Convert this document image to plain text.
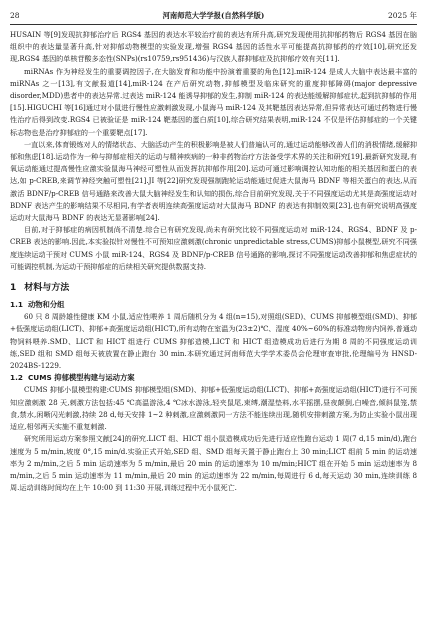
28	河南师范大学学报(自然科学版)	2025 年

HUSAIN 等[9]发现抗抑郁治疗后 RGS4 基因的表达水平较治疗前的表达有所升高,研究发现使用抗抑郁药物后 RGS4 基因在脑组织中的表达量显著升高,针对抑郁动物模型的实验发现,增强 RGS4 基因的活性水平可能提高抗抑郁药的疗效[10],研究还发现,RGS4 基因的单核苷酸多态性(SNPs)(rs10759,rs951436)与汉族人群抑郁症及抗抑郁疗效有关[11].

miRNAs 作为神经发生的重要调控因子,在大脑发育和功能中扮演着重要的角色[12].miR-124 是成人大脑中表达最丰富的 miRNAs 之一[13],有文献报道[14],miR-124 在产后研究动物,抑郁模型及临床研究的重度抑郁障碍(major depressive disorder,MDD)患者中的表达异常.过表达 miR-124 能诱导抑郁的发生,抑制 miR-124 的表达能缓解抑郁症状,起到抗抑郁的作用[15].HIGUCHI 等[16]通过对小鼠进行慢性应激刺激发现,小鼠海马 miR-124 及其靶基因表达异常,但异常表达可通过药物进行慢性治疗后得到改变.RGS4 已被验证是 miR-124 靶基因的蛋白质[10],综合研究结果表明,miR-124 不仅是评估抑郁症的一个关键标志物也是治疗抑郁症的一个重要靶点[17].

一直以来,体育锻炼对人的情绪状态、大脑活动产生的积极影响是被人们普遍认可的,通过运动能够改善人们的消极情绪,缓解抑郁和焦虑[18].运动作为一种与抑郁症相关的运动与精神疾病的一种非药物治疗方法备受学术界的关注和研究[19].最新研究发现,有氧运动能通过提高慢性应激实验鼠海马神经可塑性从而发挥抗抑郁作用[20].运动可通过影响调控认知功能的相关基因和蛋白的表达,如 p-CREB,来调节神经突触可塑性[21].JI 等[22]研究发现强制跑轮运动能通过促进大鼠海马 BDNF 等相关蛋白的表达,从而激活 BDNF/p-CREB 信号通路来改善大鼠大脑神经发生和认知的损伤,综合目前研究发现,关于不同强度运动尤其是高强度运动对 BDNF 表达产生的影响结果不尽相同,有学者表明连续高强度运动对大鼠海马 BDNF 的表达有抑制效果[23],也有研究说明高强度运动对大鼠海马 BDNF 的表达无显著影响[24].

目前,对于抑郁症的病因机制尚不清楚.综合已有研究发现,尚未有研究比较不同强度运动对 miR-124、RGS4、BDNF 及 p-CREB 表达的影响.因此,本实验拟针对慢性不可预知应激刺激(chronic unpredictable stress,CUMS)抑郁小鼠模型,研究不同强度连续运动干预对 CUMS 小鼠 miR-124、RGS4 及 BDNF/p-CREB 信号通路的影响,探讨不同强度运动改善抑郁和焦虑症状的可能调控机制,为运动干预抑郁症的后续相关研究提供数据支持.

1 材料与方法
1.1 动物和分组

60 只 8 周龄雄性健康 KM 小鼠,适应性喂养 1 周后随机分为 4 组(n=15),对照组(SED)、CUMS 抑郁模型组(SMD)、抑郁+低强度运动组(LICT)、抑郁+高强度运动组(HICT),所有动物在室温为(23±2)℃、湿度 40%~60%的标准动物房内饲养,普通动物饲料喂养.SMD、LICT 和 HICT 组进行 CUMS 抑郁造模,LICT 和 HICT 组造模成功后进行为期 8 周的不同强度运动训练,SED 组和 SMD 组每天被放置在静止跑台 30 min.本研究通过河南师范大学学术委员会伦理审查审批,伦理编号为 HNSD-2024BS-1229.

1.2 CUMS 抑郁模型构建与运动方案

CUMS 抑郁小鼠模型构建:CUMS 抑郁模型组(SMD)、抑郁+低强度运动组(LICT)、抑郁+高强度运动组(HICT)进行不可预知应激刺激 28 天,刺激方法包括:45 ℃高温游泳,4 ℃冰水游泳,轻夹鼠尾,束缚,潮湿垫料,水平摇摆,昼夜颠倒,白噪音,倾斜鼠笼,禁食,禁水,闲晰闪光刺激,持续 28 d,每天安排 1~2 种刺激,应激刺激同一方法不能连续出现,随机安排刺激方案,为防止实验小鼠出现适应,相邻两天实施不重复刺激.

研究所用运动方案参照文献[24]的研究.LICT 组、HICT 组小鼠造模成功后先进行适应性跑台运动 1 周(7 d,15 min/d),跑台速度为 5 m/min,坡度 0°,15 min/d.实验正式开始,SED 组、SMD 组每天置于静止跑台上 30 min;LICT 组前 5 min 的运动速率为 2 m/min,之后 5 min 运动速率为 5 m/min,最后 20 min 的运动速率为 10 m/min;HICT 组在开始 5 min 运动速率为 8 m/min,之后 5 min 运动速率为 11 m/min,最后 20 min 的运动速率为 22 m/min,每周进行 6 d,每天运动 30 min,连续训练 8 周.运动训练时间均在上午 10:00 到 11:30 开展,训练过程中无小鼠死亡.
